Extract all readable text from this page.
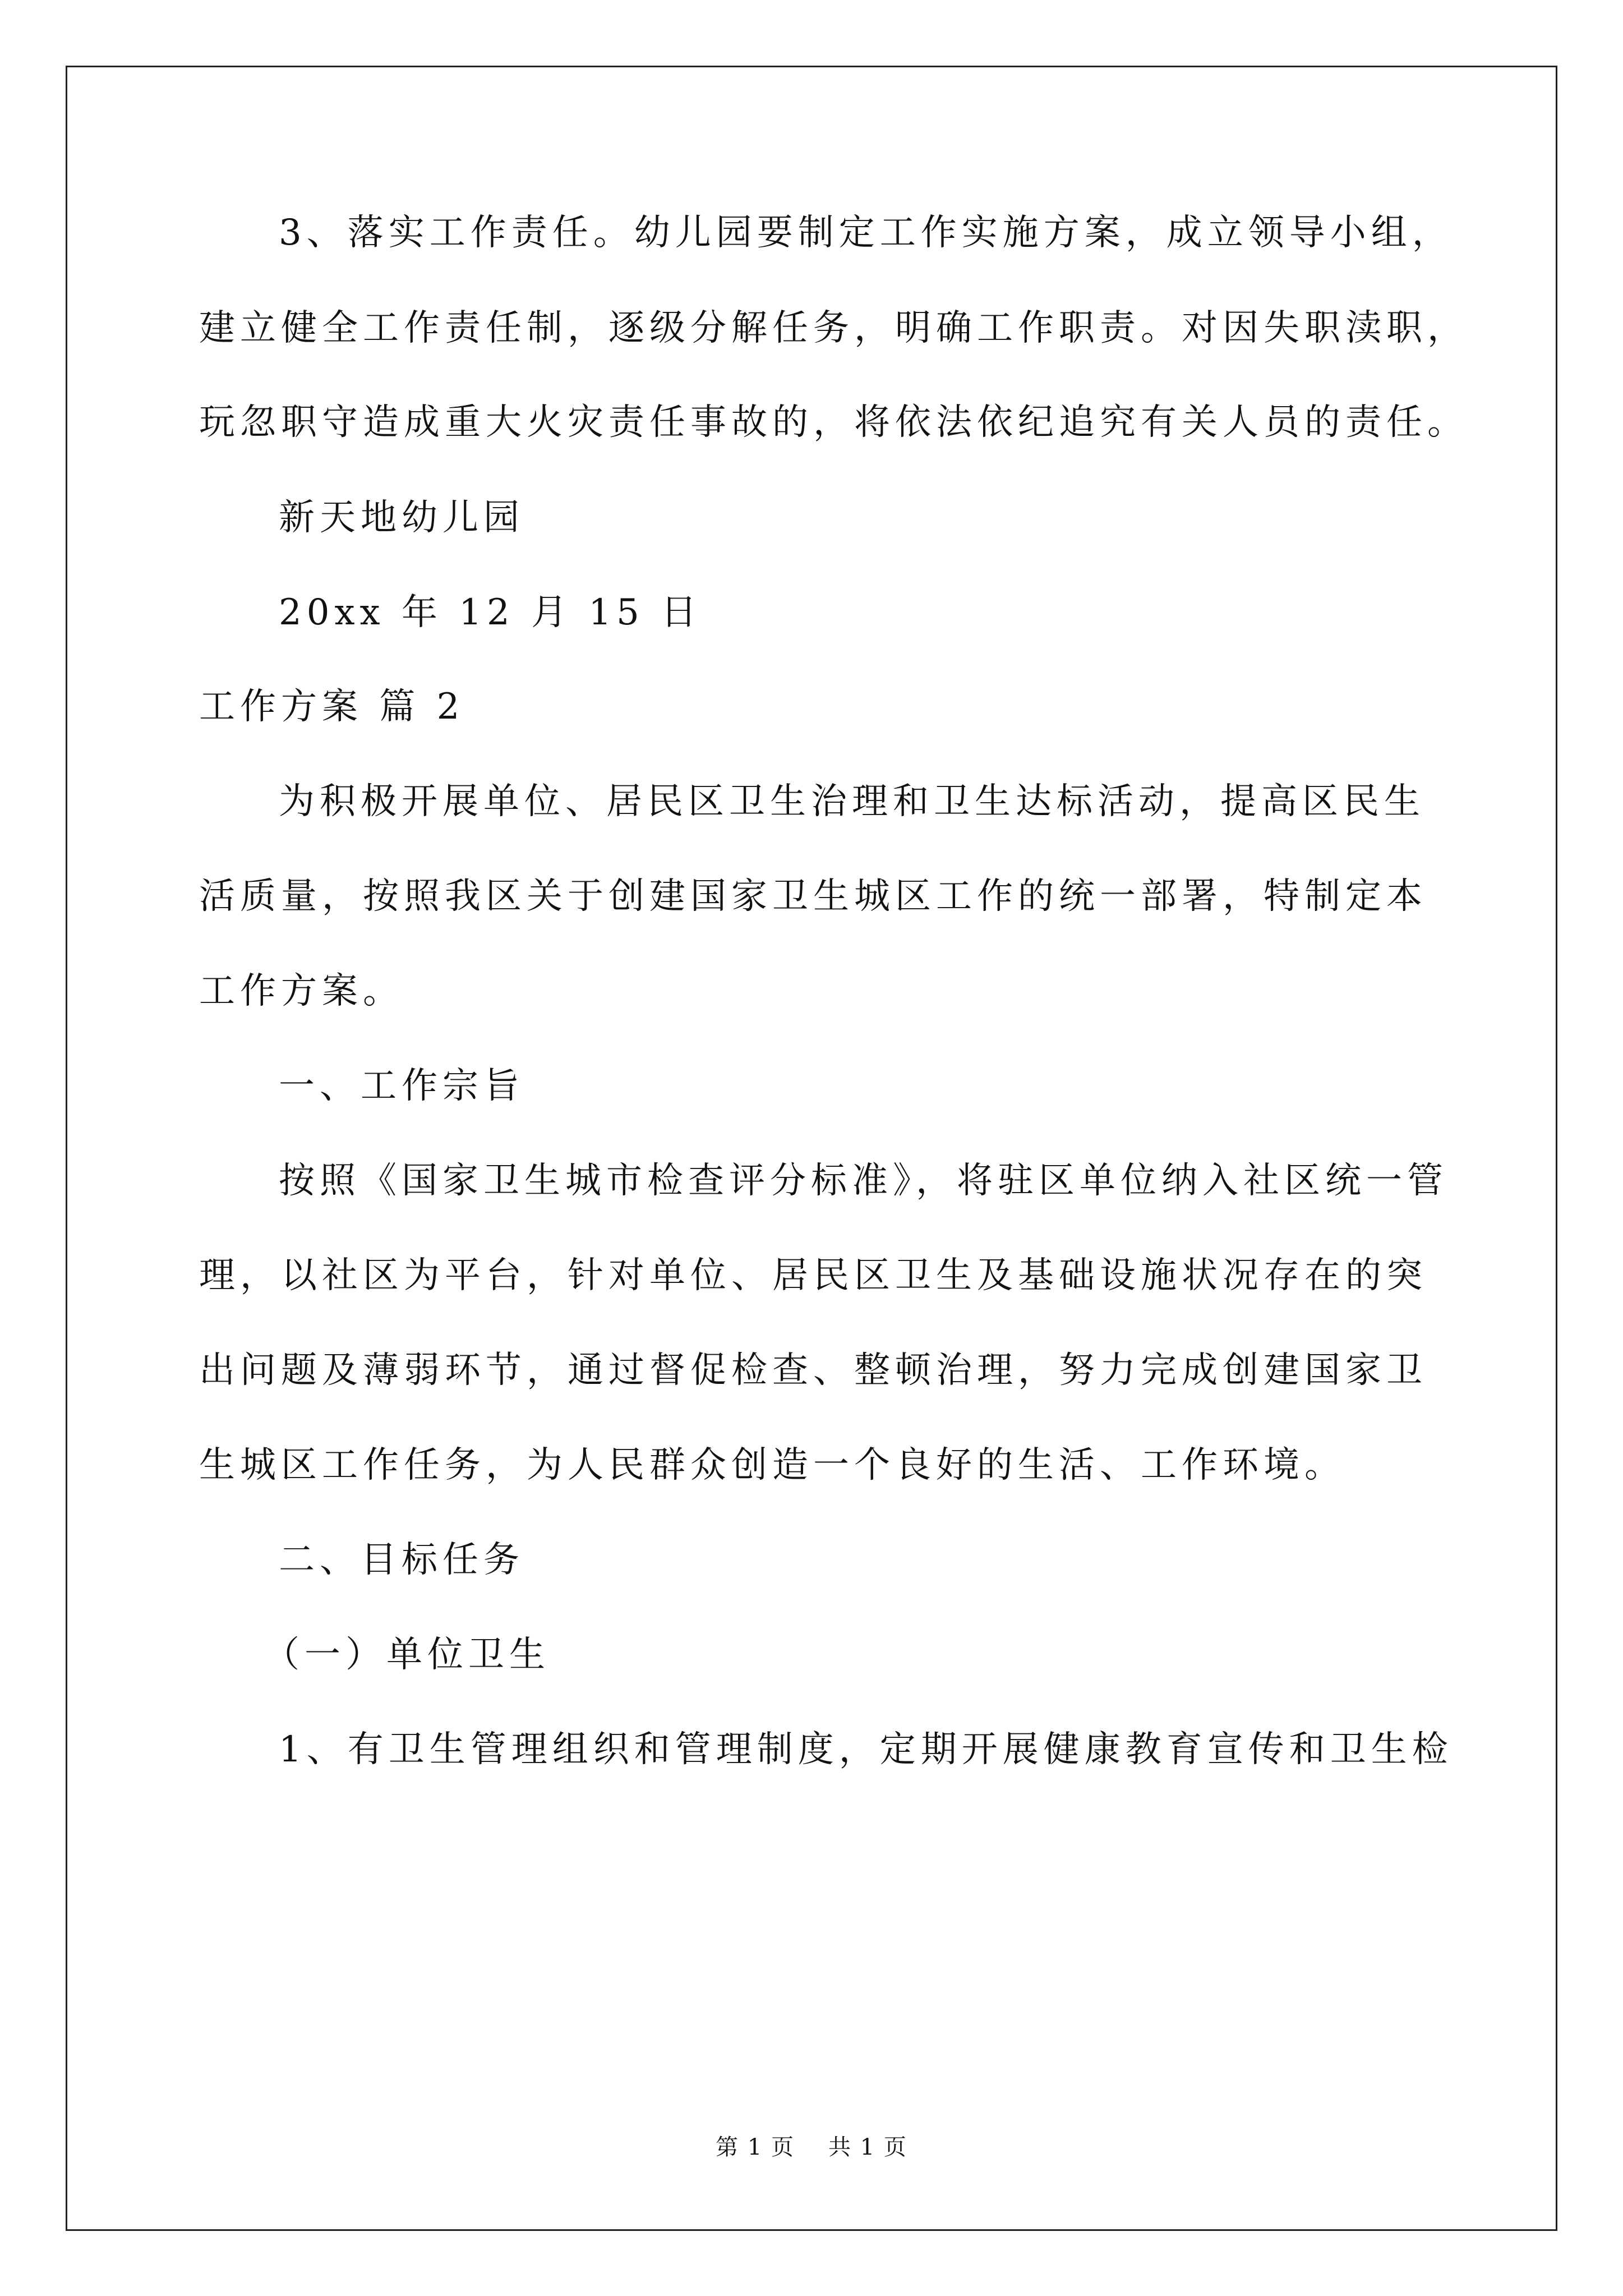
3、落实工作责任。幼儿园要制定工作实施方案，成立领导小组，
建立健全工作责任制，逐级分解任务，明确工作职责。对因失职渎职，
玩忽职守造成重大火灾责任事故的，将依法依纪追究有关人员的责任。
新天地幼儿园
20xx 年 12 月 15 日
工作方案 篇 2
为积极开展单位、居民区卫生治理和卫生达标活动，提高区民生
活质量，按照我区关于创建国家卫生城区工作的统一部署，特制定本
工作方案。
一、工作宗旨
按照《国家卫生城市检查评分标准》，将驻区单位纳入社区统一管
理，以社区为平台，针对单位、居民区卫生及基础设施状况存在的突
出问题及薄弱环节，通过督促检查、整顿治理，努力完成创建国家卫
生城区工作任务，为人民群众创造一个良好的生活、工作环境。
二、目标任务
（一）单位卫生
1、有卫生管理组织和管理制度，定期开展健康教育宣传和卫生检
第 1 页 共 1 页
